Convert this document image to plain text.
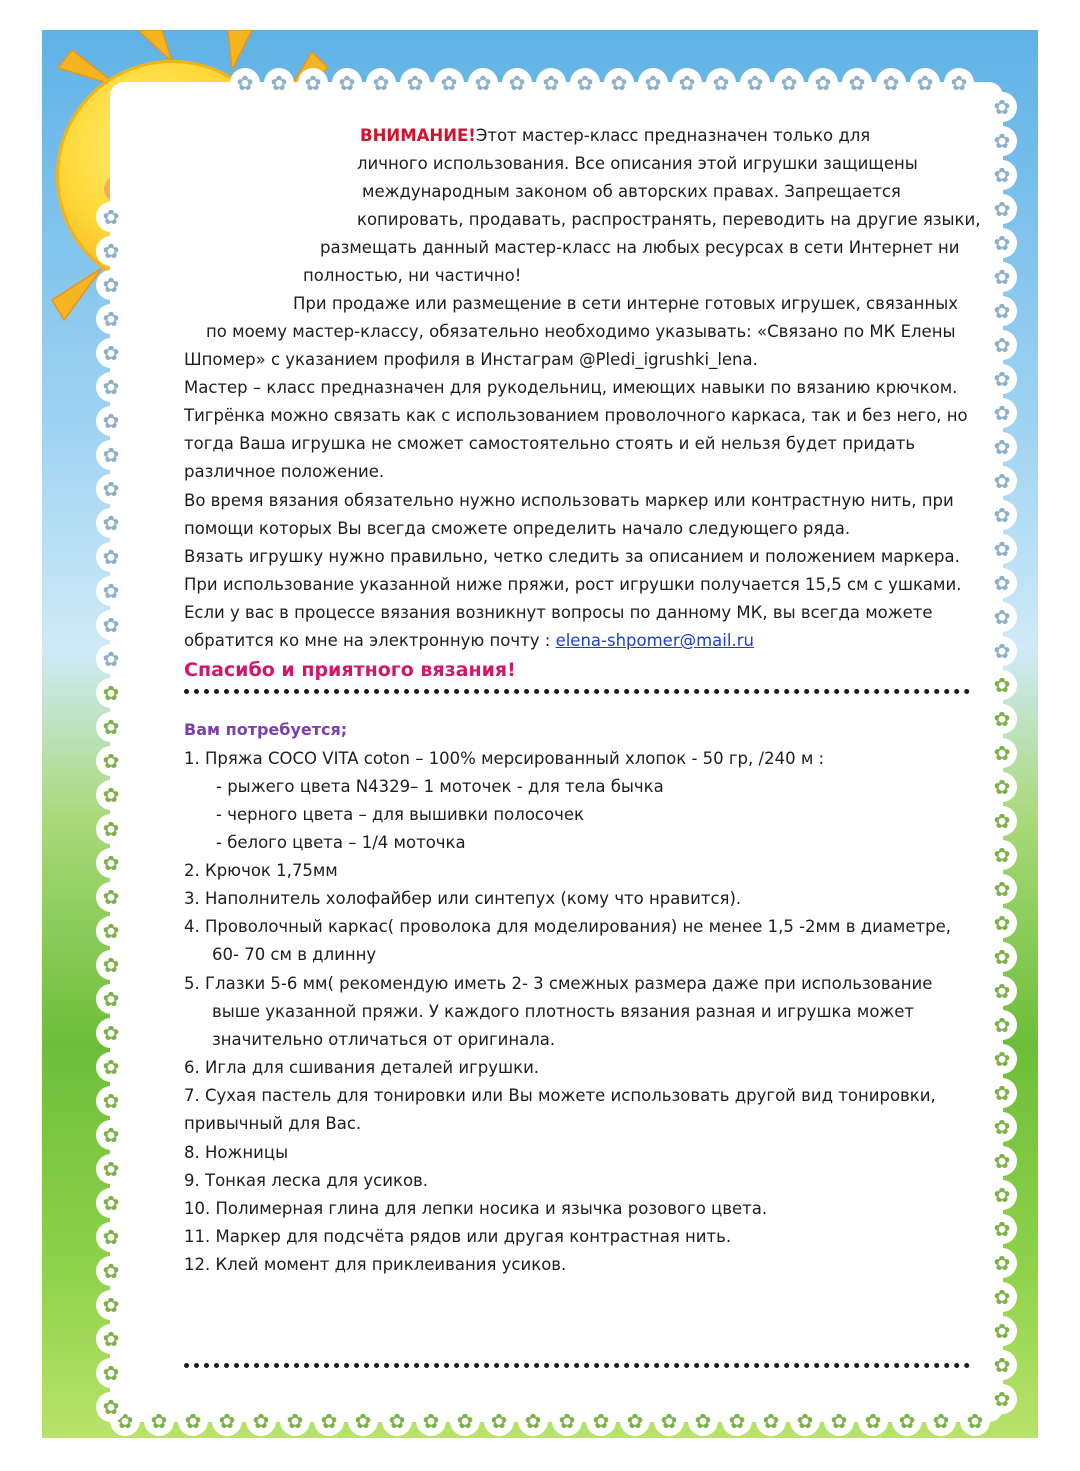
✿
✿
✿
✿
✿
✿
✿
✿
✿
✿
✿
✿
✿
✿
✿
✿
✿
✿
✿
✿
✿
✿
✿
✿
✿
✿
✿
✿
✿
✿
✿
✿
✿
✿
✿
✿
✿
✿
✿
✿
✿
✿
✿
✿
✿
✿
✿
✿
✿
✿
✿
✿
✿
✿
✿
✿
✿
✿
✿
✿
✿
✿
✿
✿
✿
✿
✿
✿
✿
✿
✿
✿
✿
✿
✿
✿
✿
✿
✿
✿
✿
✿
✿
✿
✿
✿
✿
✿
✿
✿
✿
✿
✿
✿
✿
✿
✿
✿
✿
✿
✿
✿
✿
✿
✿
✿
✿
✿
✿
✿
✿
✿
✿
✿
✿
✿
✿
✿
✿
✿
✿
✿
✿
ВНИМАНИЕ!Этот мастер-класс предназначен только для
личного использования. Все описания этой игрушки защищены
международным законом об авторских правах. Запрещается
копировать, продавать, распространять, переводить на другие языки,
размещать данный мастер-класс на любых ресурсах в сети Интернет ни
полностью, ни частично!
При продаже или размещение в сети интерне готовых игрушек, связанных
по моему мастер-классу, обязательно необходимо указывать: «Связано по МК Елены
Шпомер» с указанием профиля в Инстаграм @Pledi_igrushki_lena.
Мастер – класс предназначен для рукодельниц, имеющих навыки по вязанию крючком.
Тигрёнка можно связать как с использованием проволочного каркаса, так и без него, но
тогда Ваша игрушка не сможет самостоятельно стоять и ей нельзя будет придать
различное положение.
Во время вязания обязательно нужно использовать маркер или контрастную нить, при
помощи которых Вы всегда сможете определить начало следующего ряда.
Вязать игрушку нужно правильно, четко следить за описанием и положением маркера.
При использование указанной ниже пряжи, рост игрушки получается 15,5 см с ушками.
Если у вас в процессе вязания возникнут вопросы по данному МК, вы всегда можете
обратится ко мне на электронную почту : elena-shpomer@mail.ru
Спасибо и приятного вязания!
Вам потребуется;
1. Пряжа COCO VITA coton – 100% мерсированный хлопок - 50 гр, /240 м :
- рыжего цвета N4329– 1 моточек - для тела бычка
- черного цвета – для вышивки полосочек
- белого цвета – 1/4 моточка
2. Крючок 1,75мм
3. Наполнитель холофайбер или синтепух (кому что нравится).
4. Проволочный каркас( проволока для моделирования) не менее 1,5 -2мм в диаметре,
60- 70 см в длинну
5. Глазки 5-6 мм( рекомендую иметь 2- 3 смежных размера даже при использование
выше указанной пряжи. У каждого плотность вязания разная и игрушка может
значительно отличаться от оригинала.
6. Игла для сшивания деталей игрушки.
7. Сухая пастель для тонировки или Вы можете использовать другой вид тонировки,
привычный для Вас.
8. Ножницы
9. Тонкая леска для усиков.
10. Полимерная глина для лепки носика и язычка розового цвета.
11. Маркер для подсчёта рядов или другая контрастная нить.
12. Клей момент для приклеивания усиков.
